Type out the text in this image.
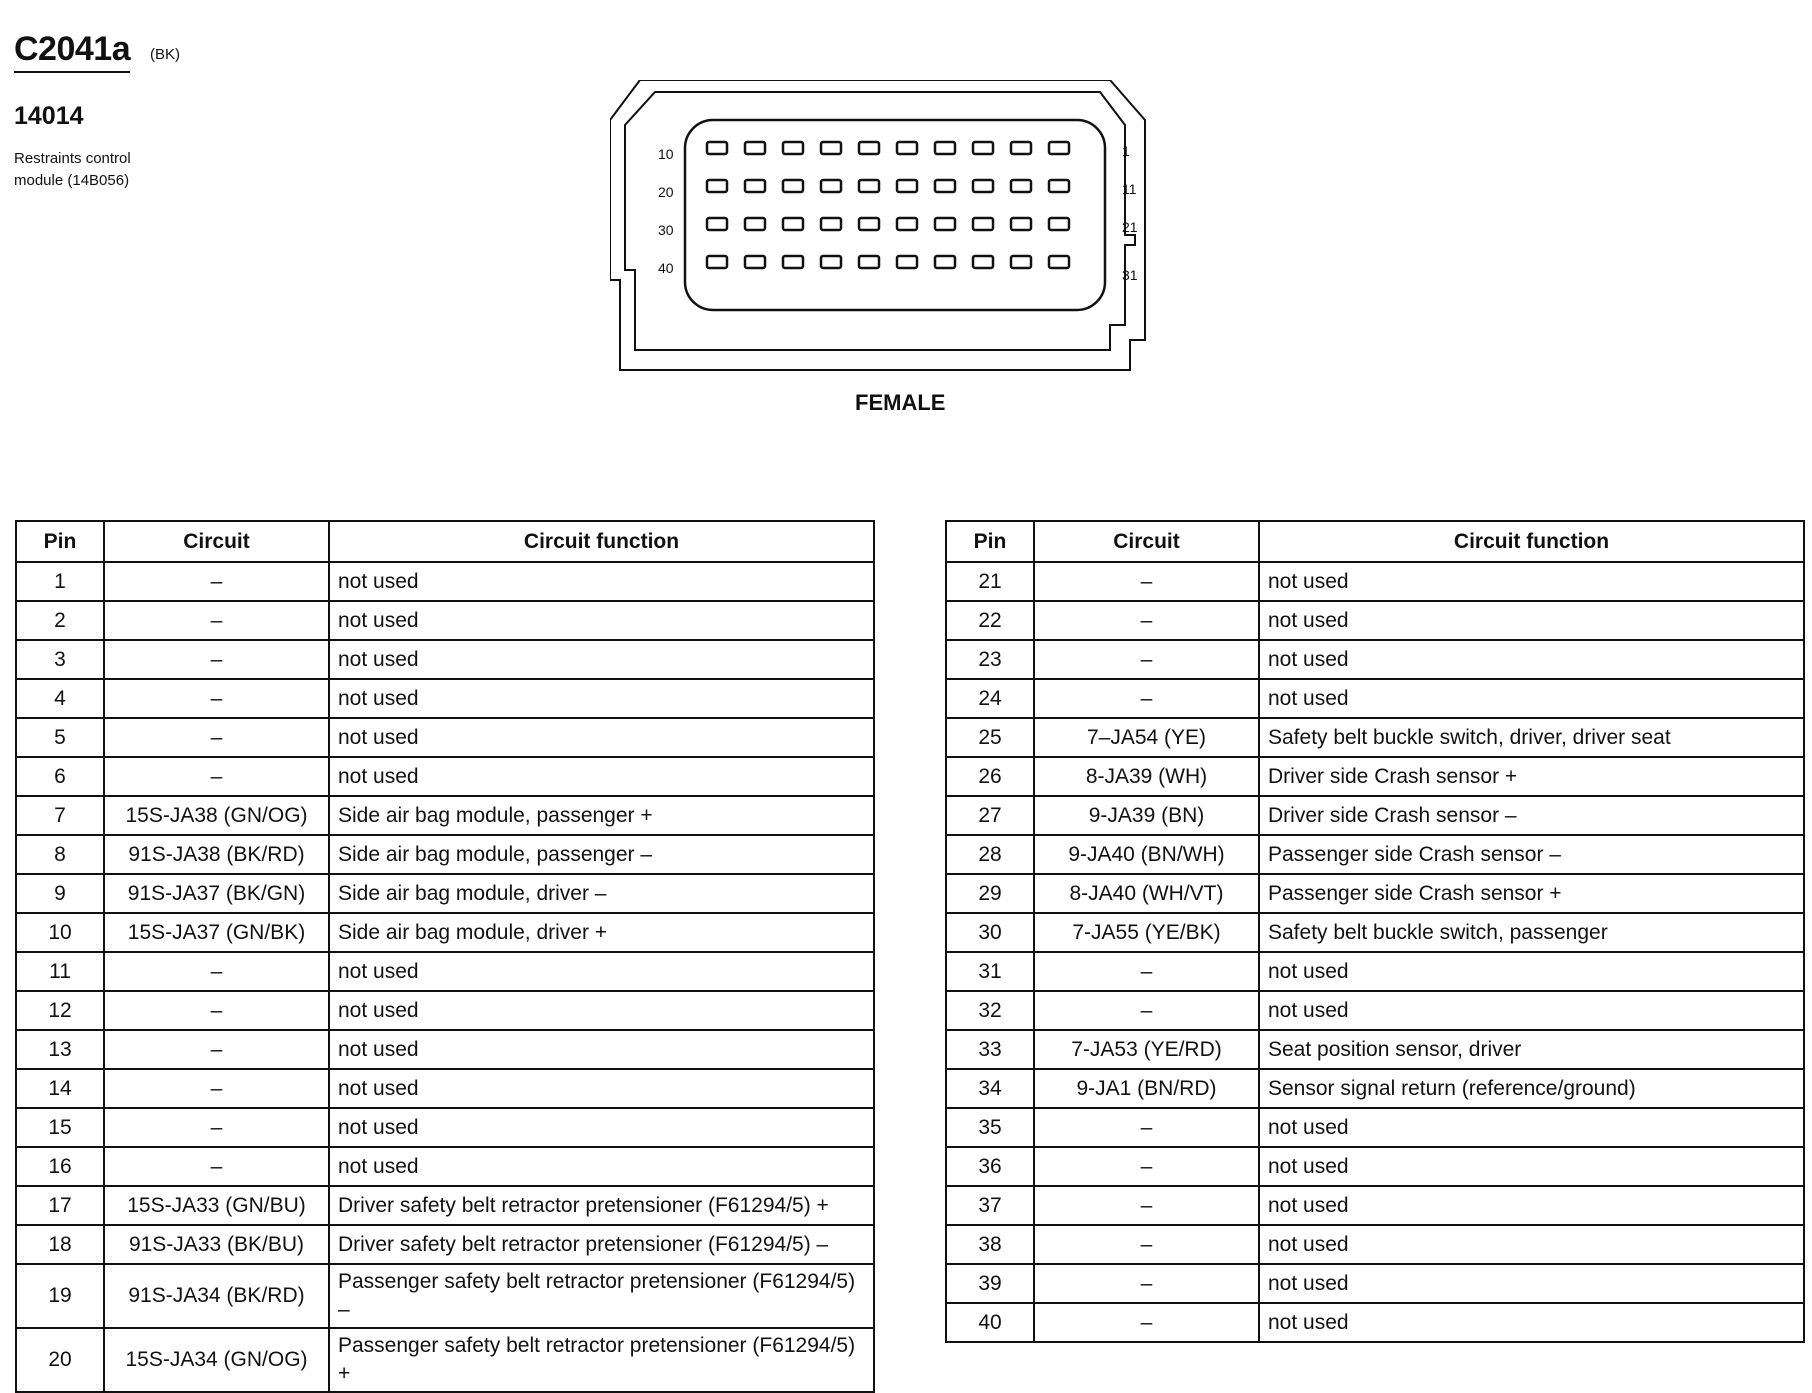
C2041a (BK)
14014
Restraints control
module (14B056)
10
20
30
40
1
11
21
31
FEMALE
Pin	Circuit	Circuit function
1	–	not used
2	–	not used
3	–	not used
4	–	not used
5	–	not used
6	–	not used
7	15S-JA38 (GN/OG)	Side air bag module, passenger +
8	91S-JA38 (BK/RD)	Side air bag module, passenger –
9	91S-JA37 (BK/GN)	Side air bag module, driver –
10	15S-JA37 (GN/BK)	Side air bag module, driver +
11	–	not used
12	–	not used
13	–	not used
14	–	not used
15	–	not used
16	–	not used
17	15S-JA33 (GN/BU)	Driver safety belt retractor pretensioner (F61294/5) +
18	91S-JA33 (BK/BU)	Driver safety belt retractor pretensioner (F61294/5) –
19	91S-JA34 (BK/RD)	Passenger safety belt retractor pretensioner (F61294/5) –
20	15S-JA34 (GN/OG)	Passenger safety belt retractor pretensioner (F61294/5) +
Pin	Circuit	Circuit function
21	–	not used
22	–	not used
23	–	not used
24	–	not used
25	7–JA54 (YE)	Safety belt buckle switch, driver, driver seat
26	8-JA39 (WH)	Driver side Crash sensor +
27	9-JA39 (BN)	Driver side Crash sensor –
28	9-JA40 (BN/WH)	Passenger side Crash sensor –
29	8-JA40 (WH/VT)	Passenger side Crash sensor +
30	7-JA55 (YE/BK)	Safety belt buckle switch, passenger
31	–	not used
32	–	not used
33	7-JA53 (YE/RD)	Seat position sensor, driver
34	9-JA1 (BN/RD)	Sensor signal return (reference/ground)
35	–	not used
36	–	not used
37	–	not used
38	–	not used
39	–	not used
40	–	not used
